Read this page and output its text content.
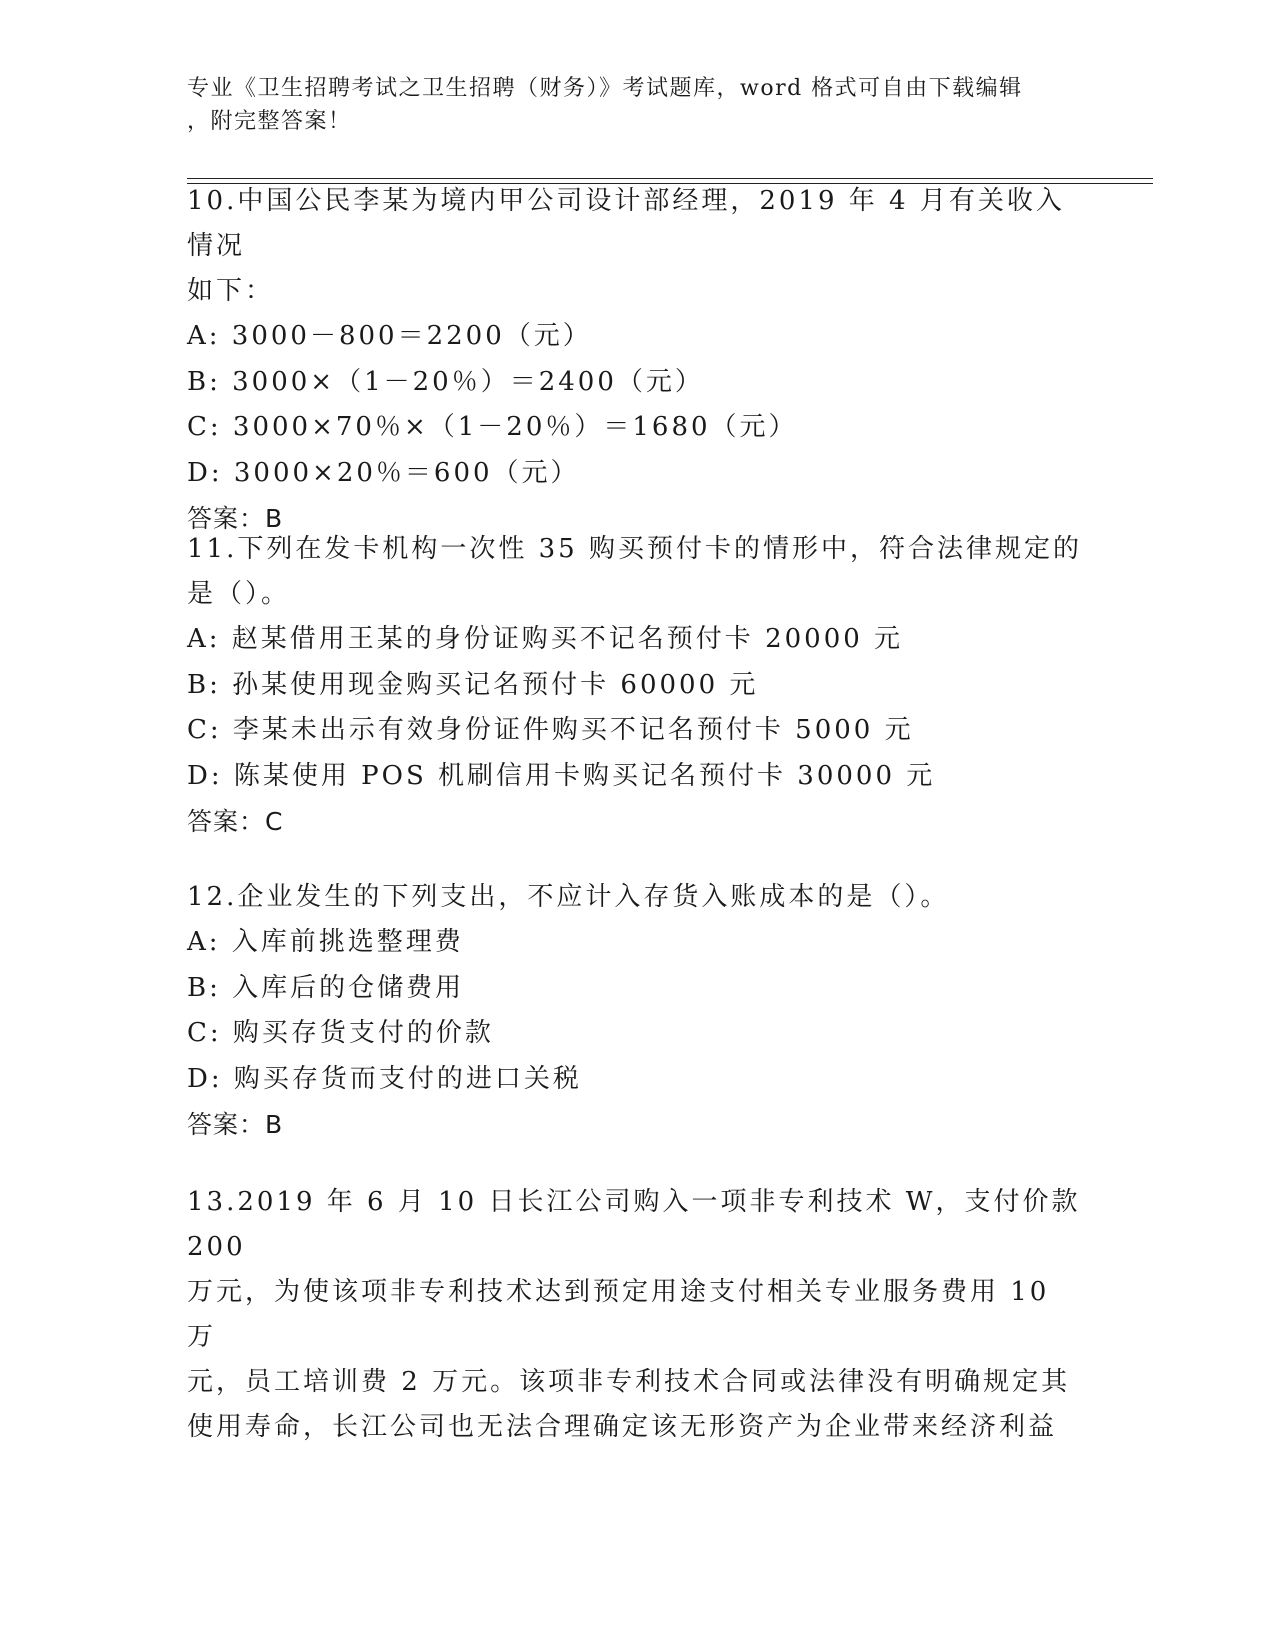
专业《卫生招聘考试之卫生招聘（财务）》考试题库，word 格式可自由下载编辑
，附完整答案！
10.中国公民李某为境内甲公司设计部经理，2019 年 4 月有关收入情况
如下：
A: 3000－800＝2200（元）
B: 3000×（1－20％）＝2400（元）
C: 3000×70％×（1－20％）＝1680（元）
D: 3000×20％＝600（元）
答案：B
11.下列在发卡机构一次性 35 购买预付卡的情形中，符合法律规定的
是（）。
A: 赵某借用王某的身份证购买不记名预付卡 20000 元
B: 孙某使用现金购买记名预付卡 60000 元
C: 李某未出示有效身份证件购买不记名预付卡 5000 元
D: 陈某使用 POS 机刷信用卡购买记名预付卡 30000 元
答案：C
12.企业发生的下列支出，不应计入存货入账成本的是（）。
A: 入库前挑选整理费
B: 入库后的仓储费用
C: 购买存货支付的价款
D: 购买存货而支付的进口关税
答案：B
13.2019 年 6 月 10 日长江公司购入一项非专利技术 W，支付价款 200
万元，为使该项非专利技术达到预定用途支付相关专业服务费用 10 万
元，员工培训费 2 万元。该项非专利技术合同或法律没有明确规定其
使用寿命，长江公司也无法合理确定该无形资产为企业带来经济利益
